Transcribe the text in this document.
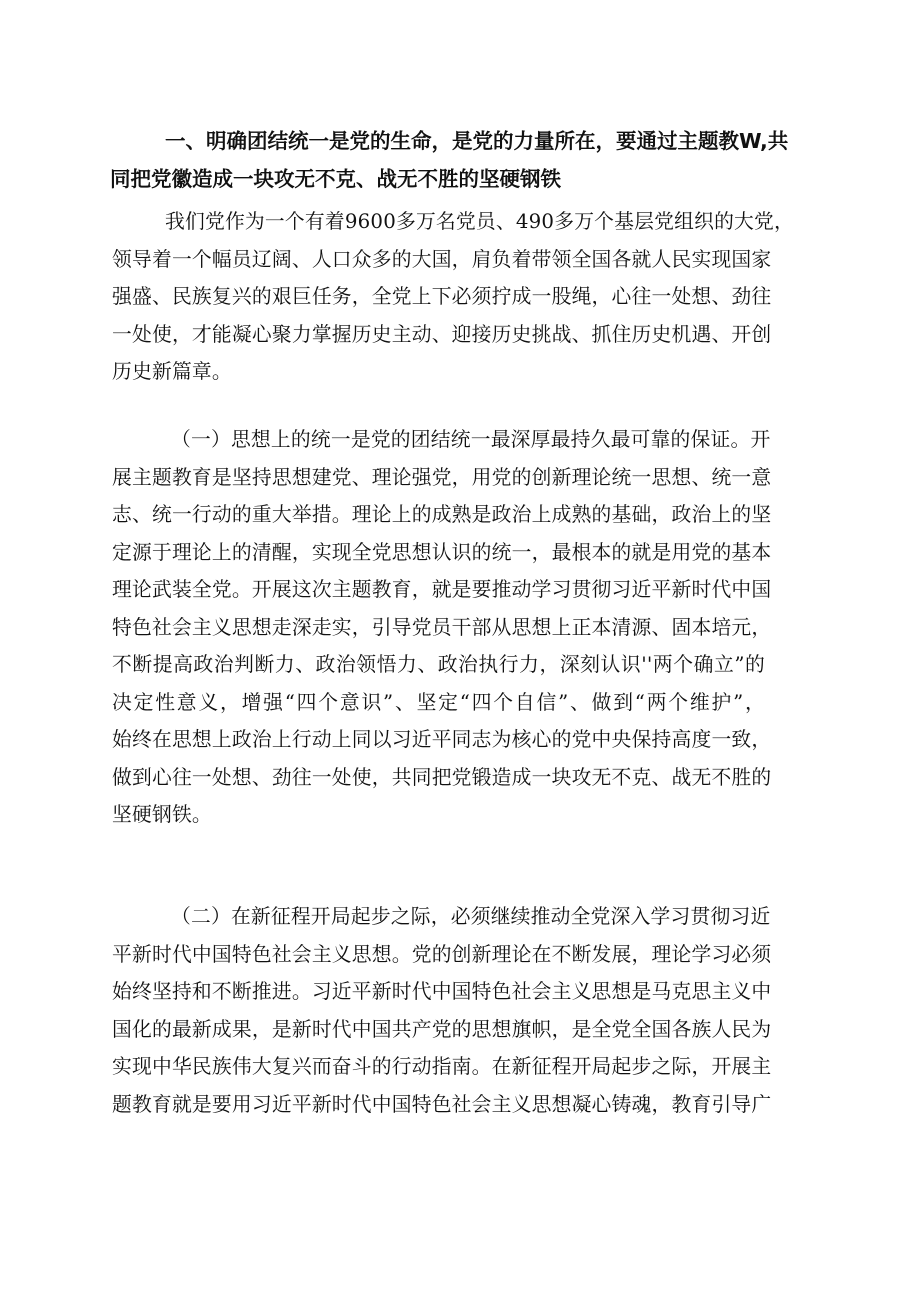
一、明确团结统一是党的生命，是党的力量所在，要通过主题教W,共
同把党徽造成一块攻无不克、战无不胜的坚硬钢铁
我们党作为一个有着9600多万名党员、490多万个基层党组织的大党，
领导着一个幅员辽阔、人口众多的大国，肩负着带领全国各就人民实现国家
强盛、民族复兴的艰巨任务，全党上下必须拧成一股绳，心往一处想、劲往
一处使，才能凝心聚力掌握历史主动、迎接历史挑战、抓住历史机遇、开创
历史新篇章。
（一）思想上的统一是党的团结统一最深厚最持久最可靠的保证。开
展主题教育是坚持思想建党、理论强党，用党的创新理论统一思想、统一意
志、统一行动的重大举措。理论上的成熟是政治上成熟的基础，政治上的坚
定源于理论上的清醒，实现全党思想认识的统一，最根本的就是用党的基本
理论武装全党。开展这次主题教育，就是要推动学习贯彻习近平新时代中国
特色社会主义思想走深走实，引导党员干部从思想上正本清源、固本培元，
不断提高政治判断力、政治领悟力、政治执行力，深刻认识''两个确立”的
决定性意义，增强“四个意识”、坚定“四个自信”、做到“两个维护”，
始终在思想上政治上行动上同以习近平同志为核心的党中央保持高度一致，
做到心往一处想、劲往一处使，共同把党锻造成一块攻无不克、战无不胜的
坚硬钢铁。
（二）在新征程开局起步之际，必须继续推动全党深入学习贯彻习近
平新时代中国特色社会主义思想。党的创新理论在不断发展，理论学习必须
始终坚持和不断推进。习近平新时代中国特色社会主义思想是马克思主义中
国化的最新成果，是新时代中国共产党的思想旗帜，是全党全国各族人民为
实现中华民族伟大复兴而奋斗的行动指南。在新征程开局起步之际，开展主
题教育就是要用习近平新时代中国特色社会主义思想凝心铸魂，教育引导广
